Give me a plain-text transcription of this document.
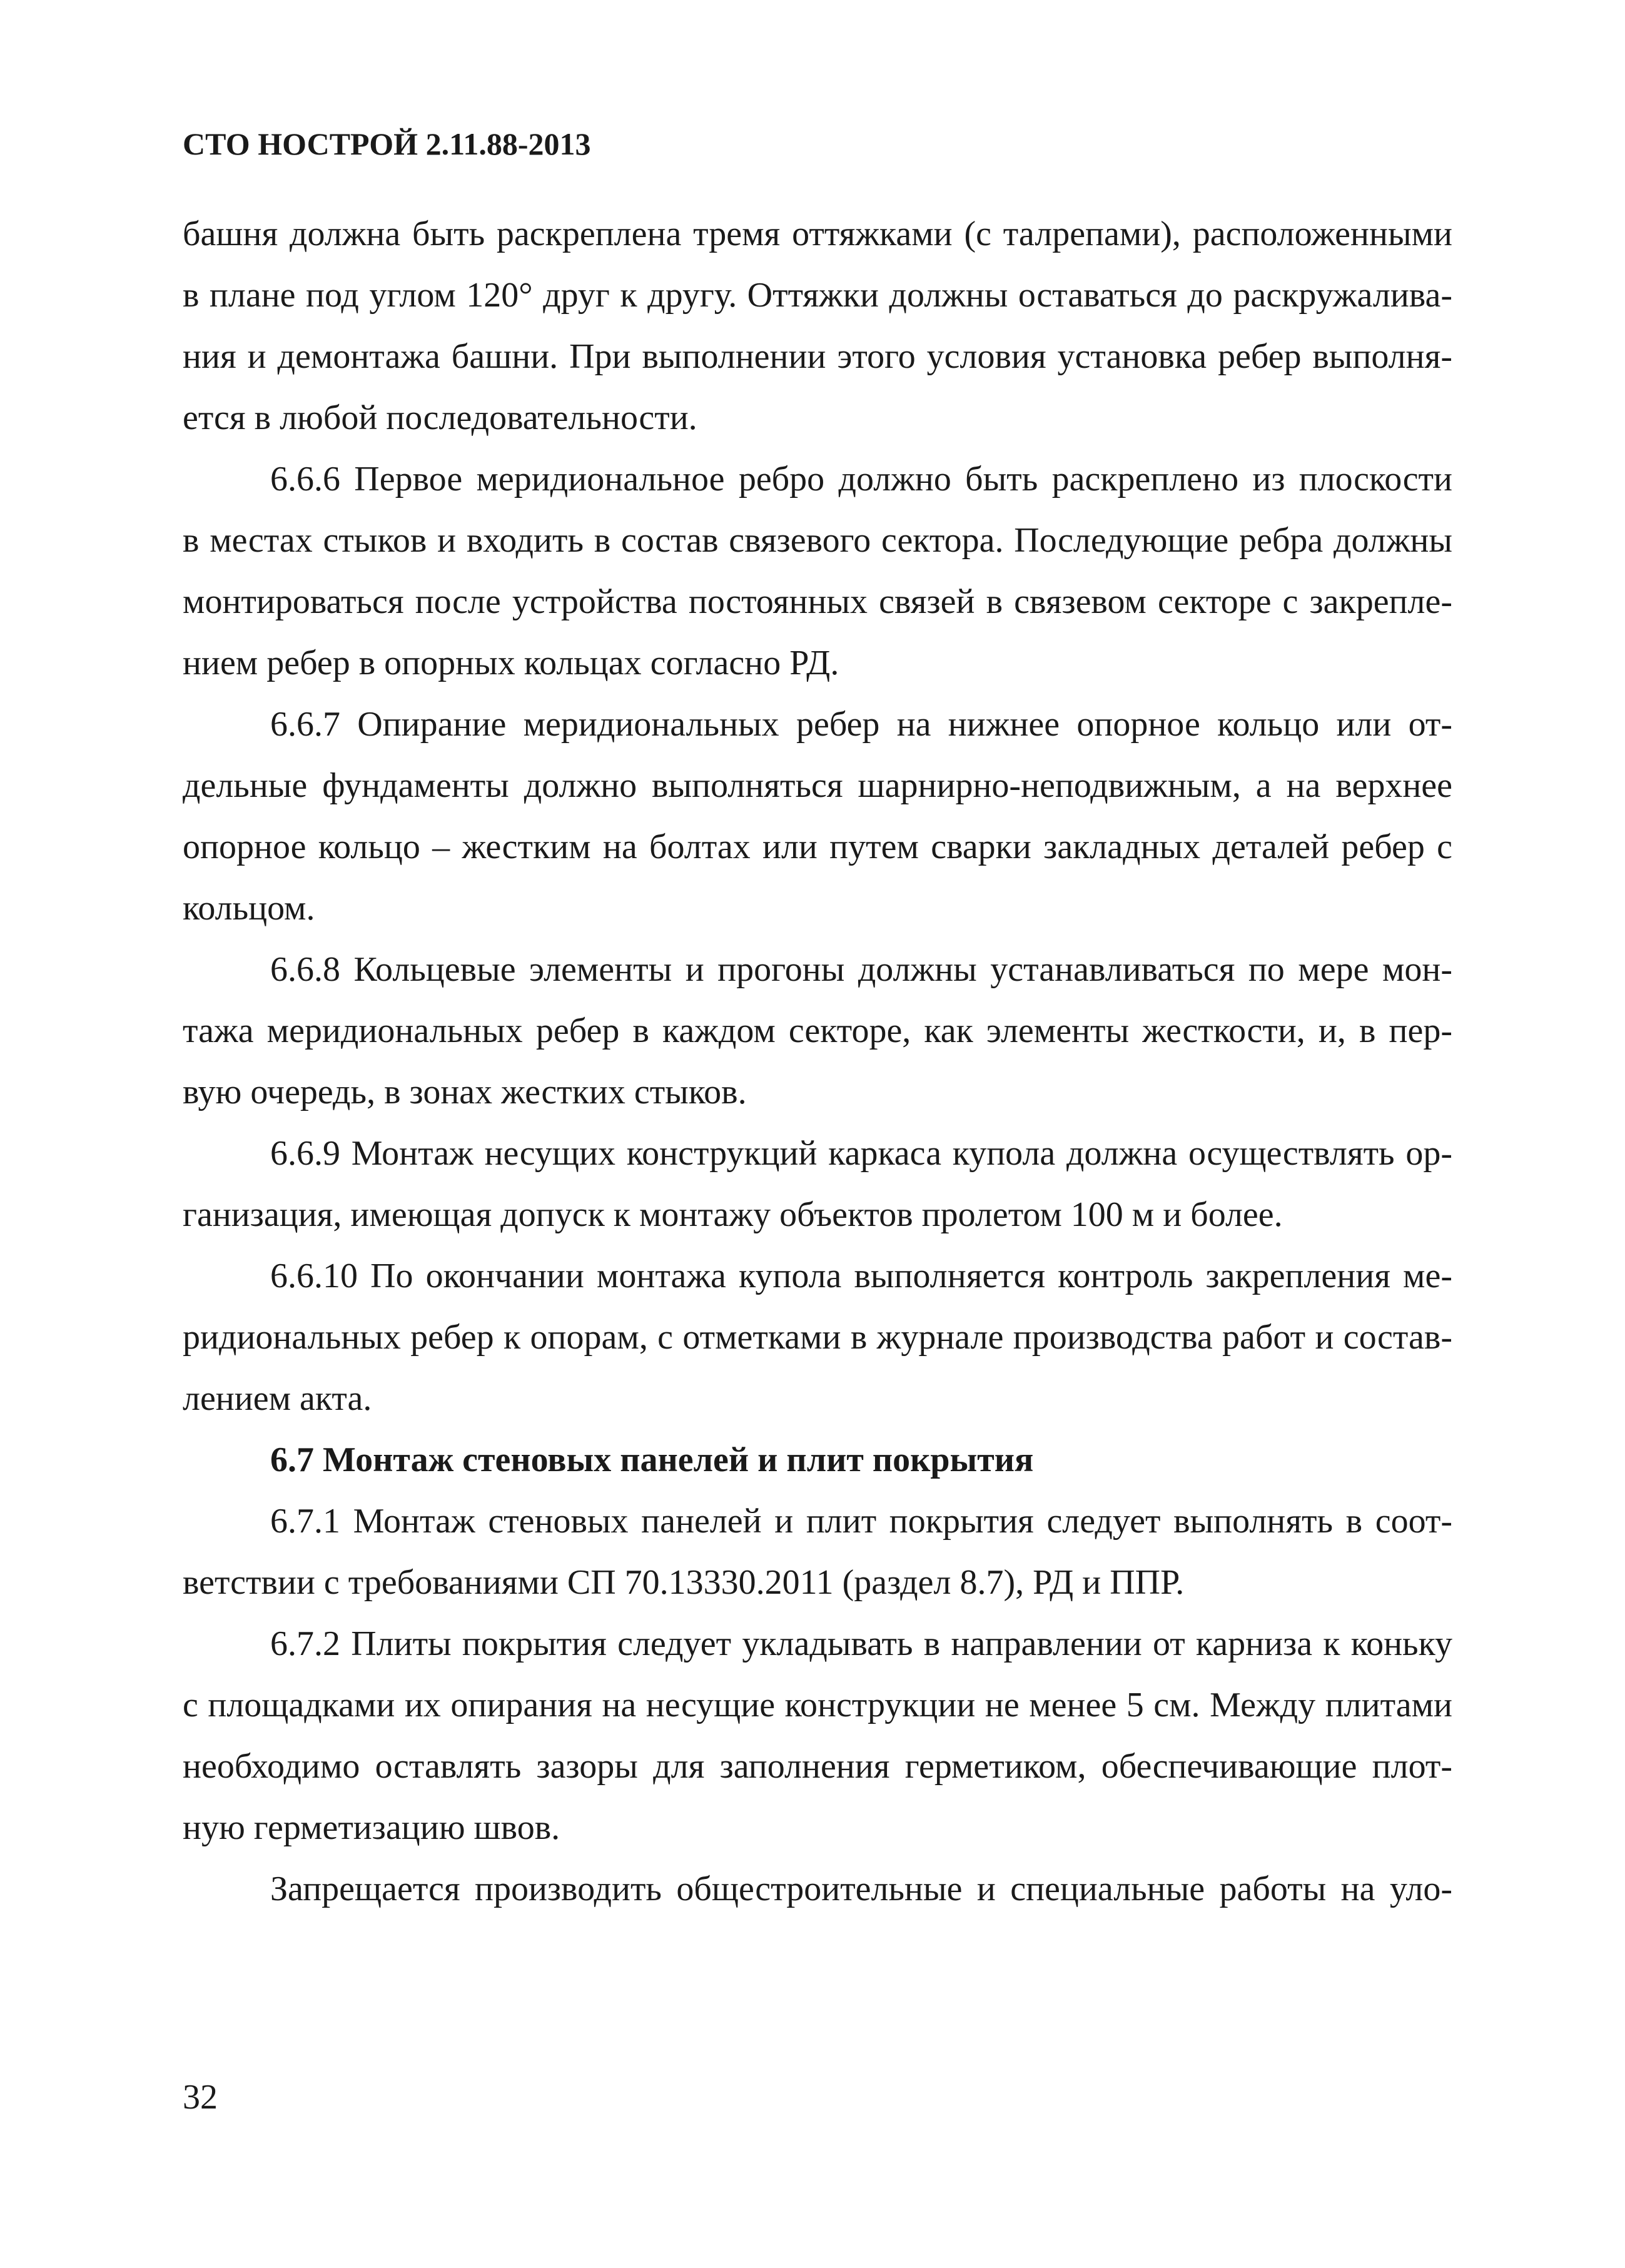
СТО НОСТРОЙ 2.11.88-2013
башня должна быть раскреплена тремя оттяжками (с талрепами), расположенными
в плане под углом 120° друг к другу. Оттяжки должны оставаться до раскружалива-
ния и демонтажа башни. При выполнении этого условия установка ребер выполня-
ется в любой последовательности.
6.6.6 Первое меридиональное ребро должно быть раскреплено из плоскости
в местах стыков и входить в состав связевого сектора. Последующие ребра должны
монтироваться после устройства постоянных связей в связевом секторе с закрепле-
нием ребер в опорных кольцах согласно РД.
6.6.7 Опирание меридиональных ребер на нижнее опорное кольцо или от-
дельные фундаменты должно выполняться шарнирно-неподвижным, а на верхнее
опорное кольцо – жестким на болтах или путем сварки закладных деталей ребер с
кольцом.
6.6.8 Кольцевые элементы и прогоны должны устанавливаться по мере мон-
тажа меридиональных ребер в каждом секторе, как элементы жесткости, и, в пер-
вую очередь, в зонах жестких стыков.
6.6.9 Монтаж несущих конструкций каркаса купола должна осуществлять ор-
ганизация, имеющая допуск к монтажу объектов пролетом 100 м и более.
6.6.10 По окончании монтажа купола выполняется контроль закрепления ме-
ридиональных ребер к опорам, с отметками в журнале производства работ и состав-
лением акта.
6.7 Монтаж стеновых панелей и плит покрытия
6.7.1 Монтаж стеновых панелей и плит покрытия следует выполнять в соот-
ветствии с требованиями СП 70.13330.2011 (раздел 8.7), РД и ППР.
6.7.2 Плиты покрытия следует укладывать в направлении от карниза к коньку
с площадками их опирания на несущие конструкции не менее 5 см. Между плитами
необходимо оставлять зазоры для заполнения герметиком, обеспечивающие плот-
ную герметизацию швов.
Запрещается производить общестроительные и специальные работы на уло-
32
